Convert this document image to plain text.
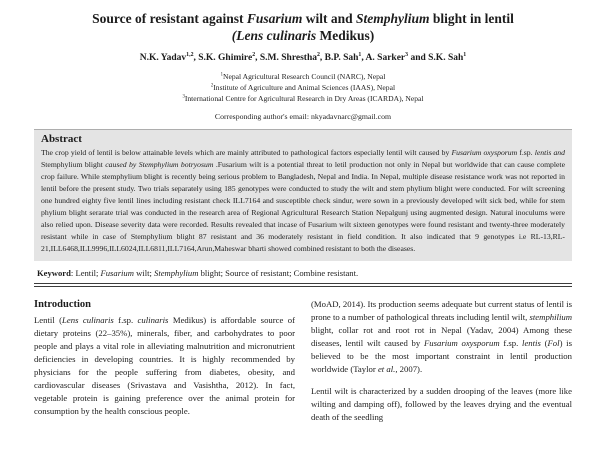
Source of resistant against Fusarium wilt and Stemphylium blight in lentil
(Lens culinaris Medikus)
N.K. Yadav$^{1,2}$, S.K. Ghimire$^2$, S.M. Shrestha$^2$, B.P. Sah$^1$, A. Sarker$^3$ and S.K. Sah$^1$
$^1$Nepal Agricultural Research Council (NARC), Nepal
$^2$Institute of Agriculture and Animal Sciences (IAAS), Nepal
$^3$International Centre for Agricultural Research in Dry Areas (ICARDA), Nepal
Corresponding author's email: nkyadavnarc@gmail.com
Abstract
The crop yield of lentil is below attainable levels which are mainly attributed to pathological factors especially lentil wilt caused by Fusarium oxysporum f.sp. lentis and Stemphylium blight caused by Stemphylium botryosum .Fusarium wilt is a potential threat to letil production not only in Nepal but worldwide that can cause complete crop failure. While stemphylium blight is recently being serious problem to Bangladesh, Nepal and India. In Nepal, multiple disease resistance work was not reported in lentil before the present study. Two trials separately using 185 genotypes were conducted to study the wilt and stem phylium blight were conducted. For wilt screening one hundred eighty five lentil lines including resistant check ILL7164 and susceptible check sindur, were sown in a previously developed wilt sick bed, while for stem phylium blight serarate trial was conducted in the research area of Regional Agricultural Research Station Nepalgunj using augmented design. Natural inoculums were also relied upon. Disease severity data were recorded. Results revealed that incase of Fusarium wilt sixteen genotypes were found resistant and twenty-three moderately resistant while in case of Stemphylium blight 87 resistant and 36 moderately resistant in field condition. It also indicated that 9 genotypes i.e RL-13,RL-21,ILL6468,ILL9996,ILL6024,ILL6811,ILL7164,Arun,Maheswar bharti showed combined resistant to both the diseases.
Keyword: Lentil; Fusarium wilt; Stemphylium blight; Source of resistant; Combine resistant.
Introduction

Lentil (Lens culinaris f.sp. culinaris Medikus) is affordable source of dietary proteins (22–35%), minerals, fiber, and carbohydrates to poor people and plays a vital role in alleviating malnutrition and micronutrient deficiencies in developing countries. It is highly recommended by physicians for the people suffering from diabetes, obesity, and cardiovascular diseases (Srivastava and Vasishtha, 2012). In fact, vegetable protein is gaining preference over the animal protein for consumption by the health conscious people.

(MoAD, 2014). Its production seems adequate but current status of lentil is prone to a number of pathological threats including lentil wilt, stemphilium blight, collar rot and root rot in Nepal (Yadav, 2004) Among these diseases, lentil wilt caused by Fusarium oxysporum f.sp. lentis (Fol) is believed to be the most important constraint in lentil production worldwide (Taylor et al., 2007).

Lentil wilt is characterized by a sudden drooping of the leaves (more like wilting and damping off), followed by the leaves drying and the eventual death of the seedling
